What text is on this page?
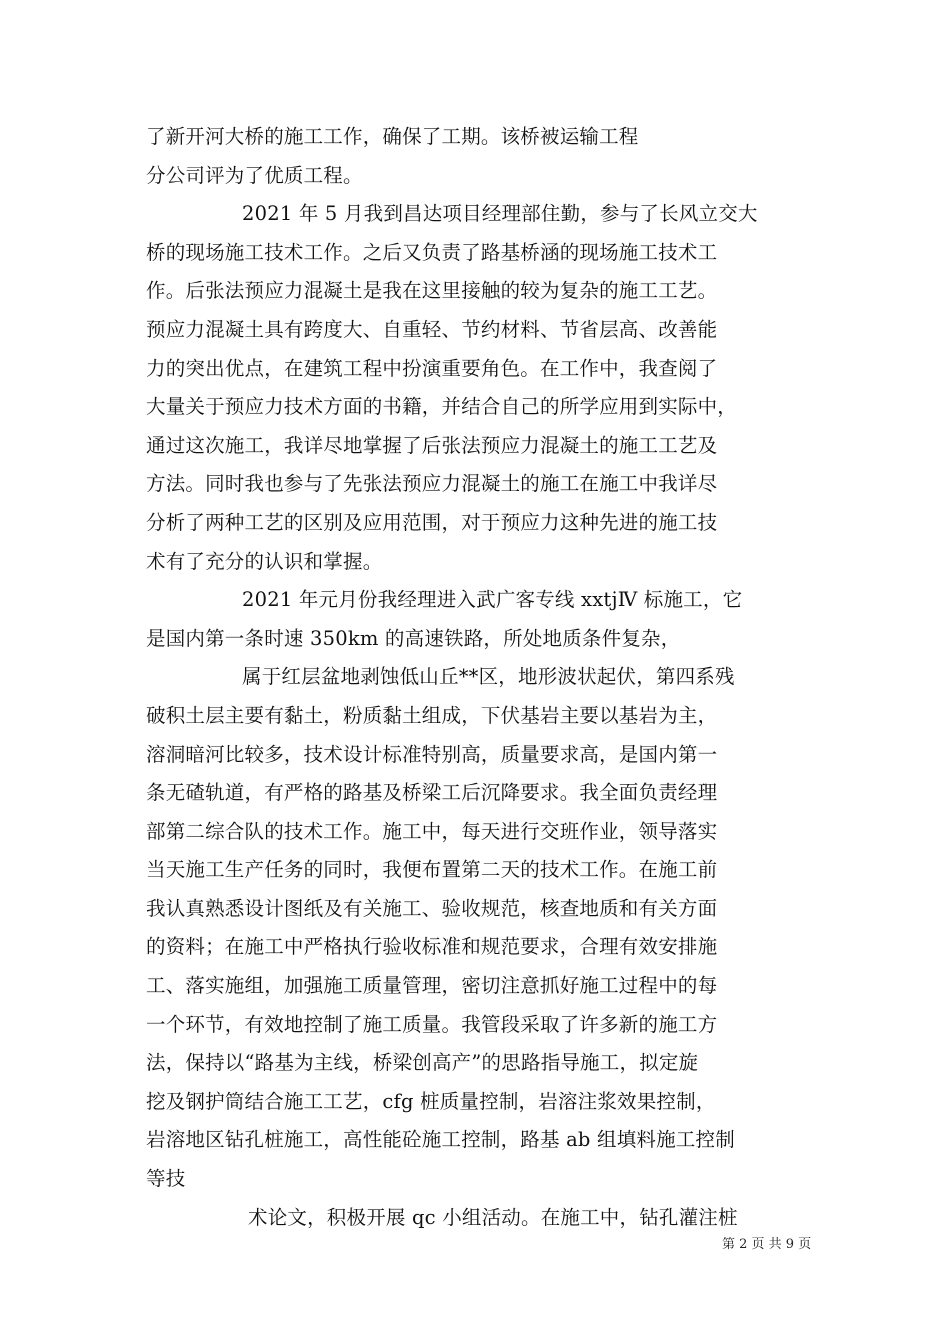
了新开河大桥的施工工作，确保了工期。该桥被运输工程
分公司评为了优质工程。
2021 年 5 月我到昌达项目经理部住勤，参与了长风立交大
桥的现场施工技术工作。之后又负责了路基桥涵的现场施工技术工
作。后张法预应力混凝土是我在这里接触的较为复杂的施工工艺。
预应力混凝土具有跨度大、自重轻、节约材料、节省层高、改善能
力的突出优点，在建筑工程中扮演重要角色。在工作中，我查阅了
大量关于预应力技术方面的书籍，并结合自己的所学应用到实际中，
通过这次施工，我详尽地掌握了后张法预应力混凝土的施工工艺及
方法。同时我也参与了先张法预应力混凝土的施工在施工中我详尽
分析了两种工艺的区别及应用范围，对于预应力这种先进的施工技
术有了充分的认识和掌握。
2021 年元月份我经理进入武广客专线 xxtjⅣ 标施工，它
是国内第一条时速 350km 的高速铁路，所处地质条件复杂，
属于红层盆地剥蚀低山丘**区，地形波状起伏，第四系残
破积土层主要有黏土，粉质黏土组成，下伏基岩主要以基岩为主，
溶洞暗河比较多，技术设计标准特别高，质量要求高，是国内第一
条无碴轨道，有严格的路基及桥梁工后沉降要求。我全面负责经理
部第二综合队的技术工作。施工中，每天进行交班作业，领导落实
当天施工生产任务的同时，我便布置第二天的技术工作。在施工前
我认真熟悉设计图纸及有关施工、验收规范，核查地质和有关方面
的资料；在施工中严格执行验收标准和规范要求，合理有效安排施
工、落实施组，加强施工质量管理，密切注意抓好施工过程中的每
一个环节，有效地控制了施工质量。我管段采取了许多新的施工方
法，保持以“路基为主线，桥梁创高产”的思路指导施工，拟定旋
挖及钢护筒结合施工工艺，cfg 桩质量控制，岩溶注浆效果控制，
岩溶地区钻孔桩施工，高性能砼施工控制，路基 ab 组填料施工控制
等技
术论文，积极开展 qc 小组活动。在施工中，钻孔灌注桩

第 2 页 共 9 页
